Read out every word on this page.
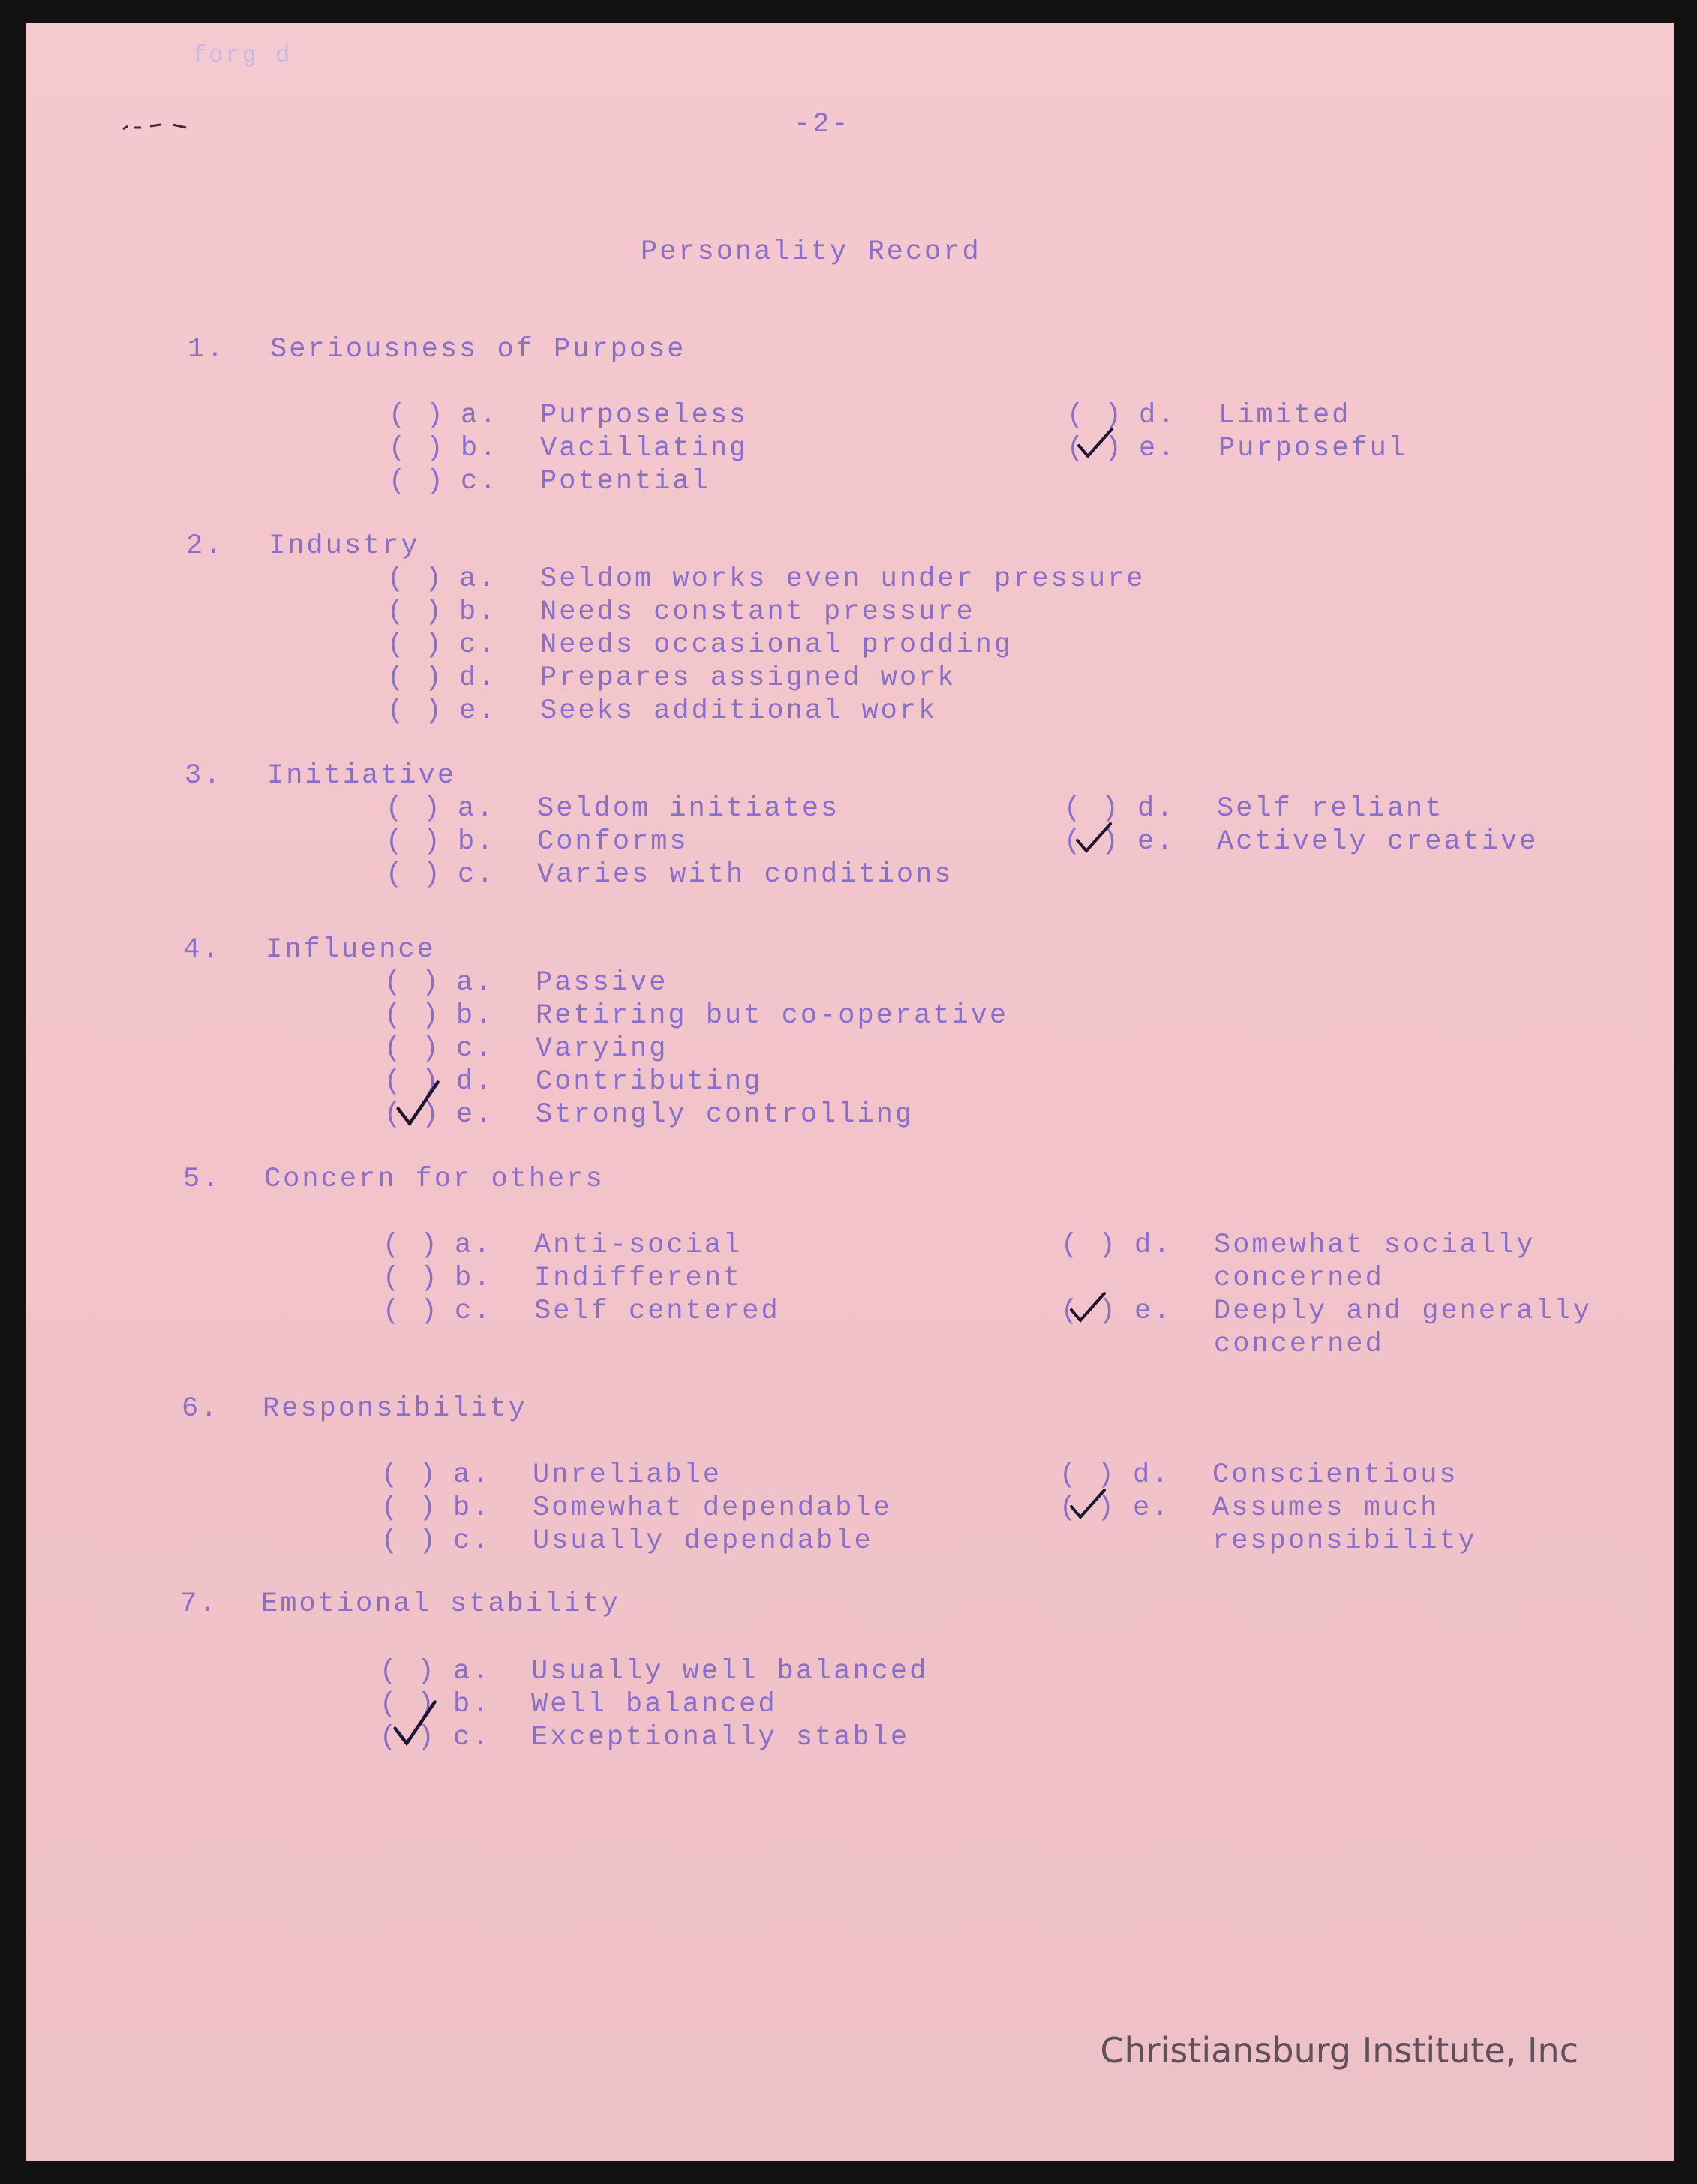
forg d
-2-
Personality Record
1. Seriousness of Purpose
( ) a. Purposeless
( ) b. Vacillating
( ) c. Potential
( ) d. Limited
( ) e. Purposeful
2. Industry
( ) a. Seldom works even under pressure
( ) b. Needs constant pressure
( ) c. Needs occasional prodding
( ) d. Prepares assigned work
( ) e. Seeks additional work
3. Initiative
( ) a. Seldom initiates
( ) b. Conforms
( ) c. Varies with conditions
( ) d. Self reliant
( ) e. Actively creative
4. Influence
( ) a. Passive
( ) b. Retiring but co-operative
( ) c. Varying
( ) d. Contributing
( ) e. Strongly controlling
5. Concern for others
( ) a. Anti-social
( ) b. Indifferent
( ) c. Self centered
( ) d. Somewhat socially
concerned
( ) e. Deeply and generally
concerned
6. Responsibility
( ) a. Unreliable
( ) b. Somewhat dependable
( ) c. Usually dependable
( ) d. Conscientious
( ) e. Assumes much
responsibility
7. Emotional stability
( ) a. Usually well balanced
( ) b. Well balanced
( ) c. Exceptionally stable
Christiansburg Institute, Inc
